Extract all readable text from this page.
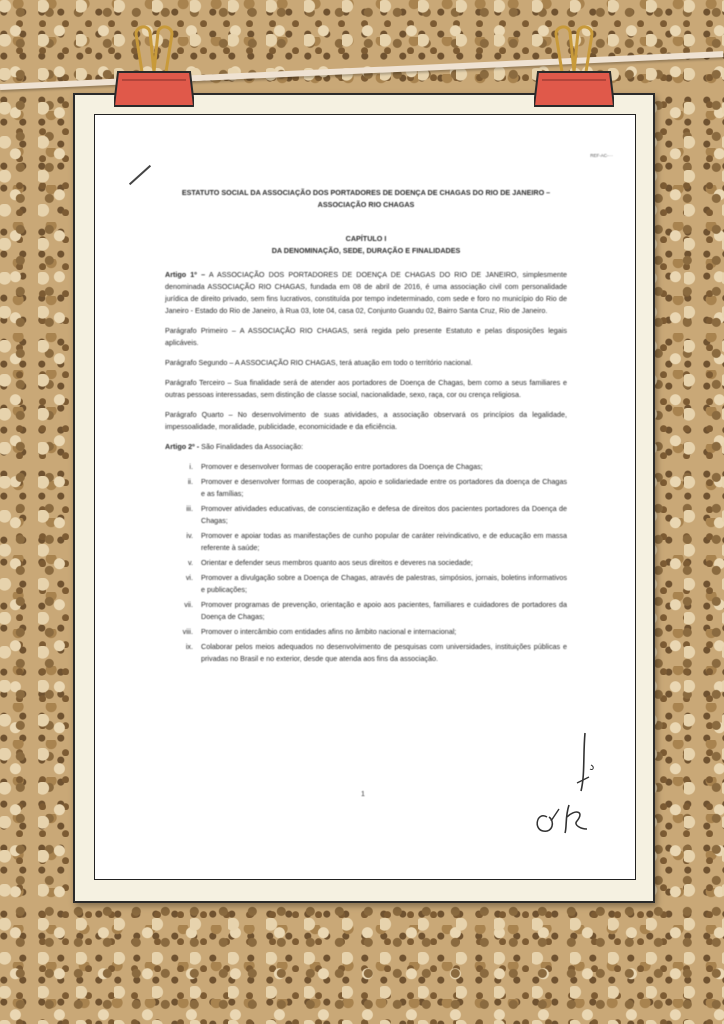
REF-AC-···
ESTATUTO SOCIAL DA ASSOCIAÇÃO DOS PORTADORES DE DOENÇA DE CHAGAS DO RIO DE JANEIRO – ASSOCIAÇÃO RIO CHAGAS
CAPÍTULO I
DA DENOMINAÇÃO, SEDE, DURAÇÃO E FINALIDADES
Artigo 1º – A ASSOCIAÇÃO DOS PORTADORES DE DOENÇA DE CHAGAS DO RIO DE JANEIRO, simplesmente denominada ASSOCIAÇÃO RIO CHAGAS, fundada em 08 de abril de 2016, é uma associação civil com personalidade jurídica de direito privado, sem fins lucrativos, constituída por tempo indeterminado, com sede e foro no município do Rio de Janeiro - Estado do Rio de Janeiro, à Rua 03, lote 04, casa 02, Conjunto Guandu 02, Bairro Santa Cruz, Rio de Janeiro.
Parágrafo Primeiro – A ASSOCIAÇÃO RIO CHAGAS, será regida pelo presente Estatuto e pelas disposições legais aplicáveis.
Parágrafo Segundo – A ASSOCIAÇÃO RIO CHAGAS, terá atuação em todo o território nacional.
Parágrafo Terceiro – Sua finalidade será de atender aos portadores de Doença de Chagas, bem como a seus familiares e outras pessoas interessadas, sem distinção de classe social, nacionalidade, sexo, raça, cor ou crença religiosa.
Parágrafo Quarto – No desenvolvimento de suas atividades, a associação observará os princípios da legalidade, impessoalidade, moralidade, publicidade, economicidade e da eficiência.
Artigo 2º - São Finalidades da Associação:
i. Promover e desenvolver formas de cooperação entre portadores da Doença de Chagas;
ii. Promover e desenvolver formas de cooperação, apoio e solidariedade entre os portadores da doença de Chagas e as famílias;
iii. Promover atividades educativas, de conscientização e defesa de direitos dos pacientes portadores da Doença de Chagas;
iv. Promover e apoiar todas as manifestações de cunho popular de caráter reivindicativo, e de educação em massa referente à saúde;
v. Orientar e defender seus membros quanto aos seus direitos e deveres na sociedade;
vi. Promover a divulgação sobre a Doença de Chagas, através de palestras, simpósios, jornais, boletins informativos e publicações;
vii. Promover programas de prevenção, orientação e apoio aos pacientes, familiares e cuidadores de portadores da Doença de Chagas;
viii. Promover o intercâmbio com entidades afins no âmbito nacional e internacional;
ix. Colaborar pelos meios adequados no desenvolvimento de pesquisas com universidades, instituições públicas e privadas no Brasil e no exterior, desde que atenda aos fins da associação.
1
